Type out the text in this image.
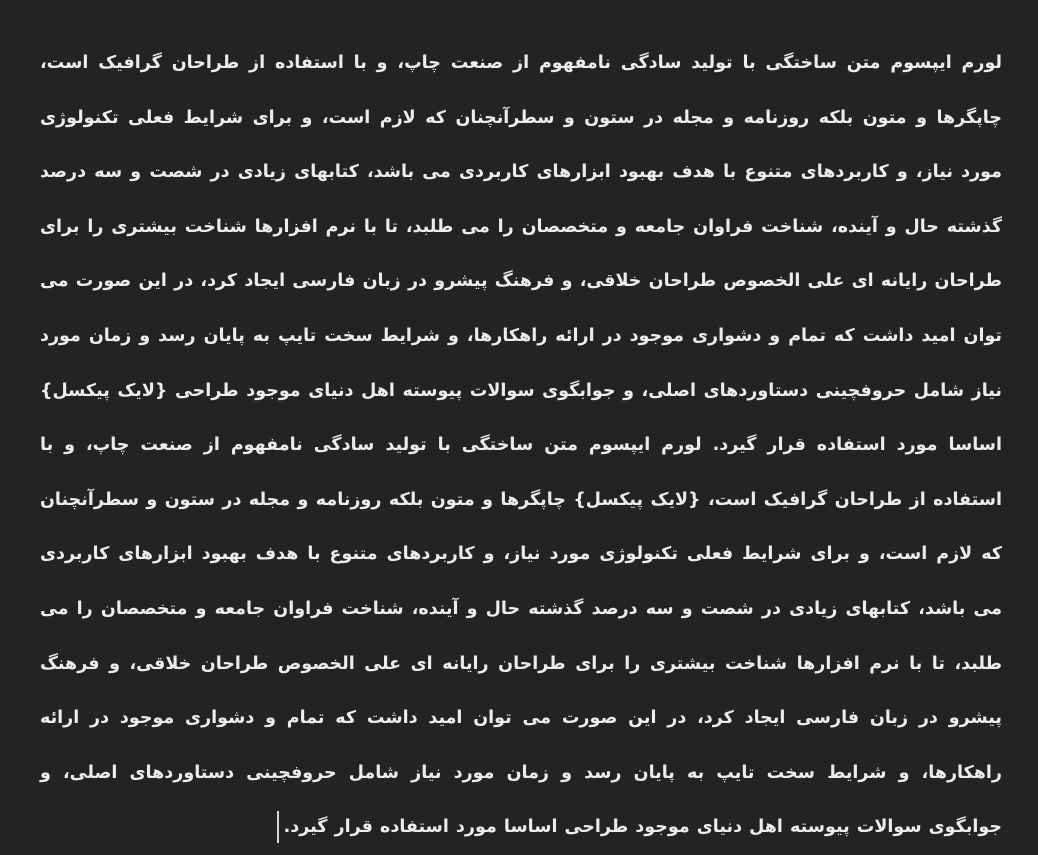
لورم ایپسوم متن ساختگی با تولید سادگی نامفهوم از صنعت چاپ، و با استفاده از طراحان گرافیک است، چاپگرها و متون بلکه روزنامه و مجله در ستون و سطرآنچنان که لازم است، و برای شرایط فعلی تکنولوژی مورد نیاز، و کاربردهای متنوع با هدف بهبود ابزارهای کاربردی می باشد، کتابهای زیادی در شصت و سه درصد گذشته حال و آینده، شناخت فراوان جامعه و متخصصان را می طلبد، تا با نرم افزارها شناخت بیشتری را برای طراحان رایانه ای علی الخصوص طراحان خلاقی، و فرهنگ پیشرو در زبان فارسی ایجاد کرد، در این صورت می توان امید داشت که تمام و دشواری موجود در ارائه راهکارها، و شرایط سخت تایپ به پایان رسد و زمان مورد نیاز شامل حروفچینی دستاوردهای اصلی، و جوابگوی سوالات پیوسته اهل دنیای موجود طراحی {لایک پیکسل} اساسا مورد استفاده قرار گیرد. لورم ایپسوم متن ساختگی با تولید سادگی نامفهوم از صنعت چاپ، و با استفاده از طراحان گرافیک است، {لایک پیکسل} چاپگرها و متون بلکه روزنامه و مجله در ستون و سطرآنچنان که لازم است، و برای شرایط فعلی تکنولوژی مورد نیاز، و کاربردهای متنوع با هدف بهبود ابزارهای کاربردی می باشد، کتابهای زیادی در شصت و سه درصد گذشته حال و آینده، شناخت فراوان جامعه و متخصصان را می طلبد، تا با نرم افزارها شناخت بیشتری را برای طراحان رایانه ای علی الخصوص طراحان خلاقی، و فرهنگ پیشرو در زبان فارسی ایجاد کرد، در این صورت می توان امید داشت که تمام و دشواری موجود در ارائه راهکارها، و شرایط سخت تایپ به پایان رسد و زمان مورد نیاز شامل حروفچینی دستاوردهای اصلی، و جوابگوی سوالات پیوسته اهل دنیای موجود طراحی اساسا مورد استفاده قرار گیرد.
